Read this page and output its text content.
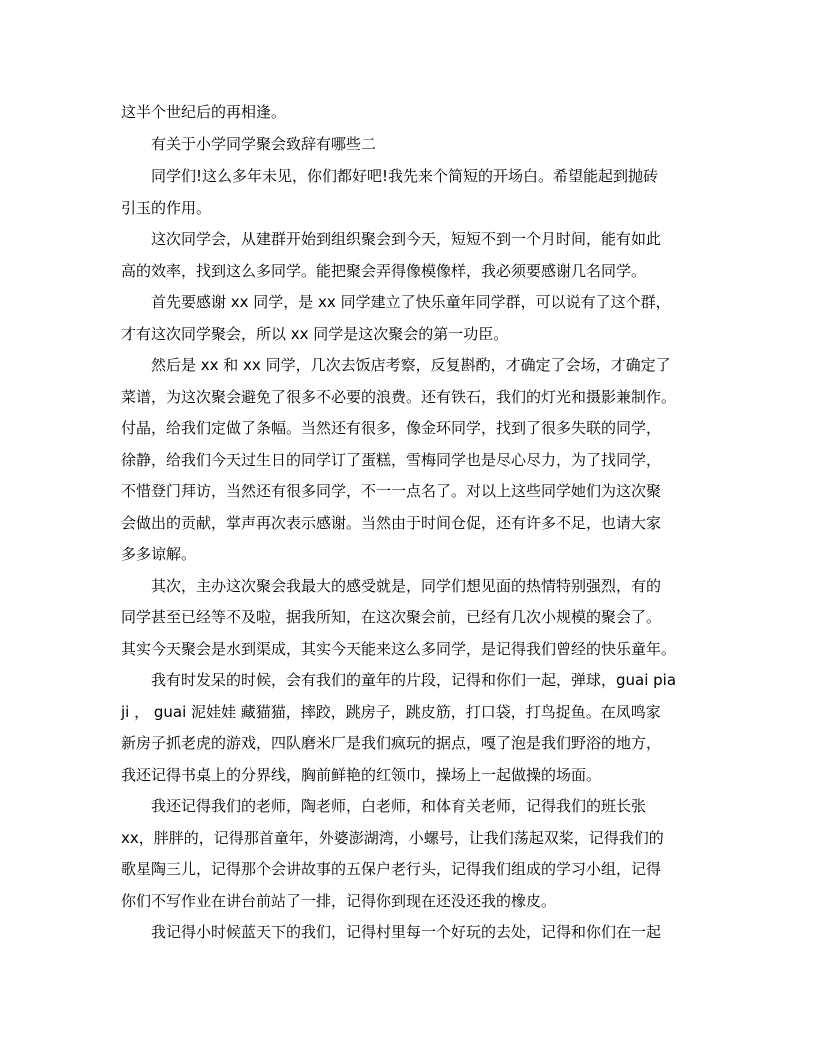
这半个世纪后的再相逢。
有关于小学同学聚会致辞有哪些二
同学们!这么多年未见，你们都好吧!我先来个简短的开场白。希望能起到抛砖
引玉的作用。
这次同学会，从建群开始到组织聚会到今天，短短不到一个月时间，能有如此
高的效率，找到这么多同学。能把聚会弄得像模像样，我必须要感谢几名同学。
首先要感谢 xx 同学，是 xx 同学建立了快乐童年同学群，可以说有了这个群，
才有这次同学聚会，所以 xx 同学是这次聚会的第一功臣。
然后是 xx 和 xx 同学，几次去饭店考察，反复斟酌，才确定了会场，才确定了
菜谱，为这次聚会避免了很多不必要的浪费。还有铁石，我们的灯光和摄影兼制作。
付晶，给我们定做了条幅。当然还有很多，像金环同学，找到了很多失联的同学，
徐静，给我们今天过生日的同学订了蛋糕，雪梅同学也是尽心尽力，为了找同学，
不惜登门拜访，当然还有很多同学，不一一点名了。对以上这些同学她们为这次聚
会做出的贡献，掌声再次表示感谢。当然由于时间仓促，还有许多不足，也请大家
多多谅解。
其次，主办这次聚会我最大的感受就是，同学们想见面的热情特别强烈，有的
同学甚至已经等不及啦，据我所知，在这次聚会前，已经有几次小规模的聚会了。
其实今天聚会是水到渠成，其实今天能来这么多同学，是记得我们曾经的快乐童年。
我有时发呆的时候，会有我们的童年的片段，记得和你们一起，弹球，guai pia
ji ， guai 泥娃娃 藏猫猫，摔跤，跳房子，跳皮筋，打口袋，打鸟捉鱼。在凤鸣家
新房子抓老虎的游戏，四队磨米厂是我们疯玩的据点，嘎了泡是我们野浴的地方，
我还记得书桌上的分界线，胸前鲜艳的红领巾，操场上一起做操的场面。
我还记得我们的老师，陶老师，白老师，和体育关老师，记得我们的班长张
xx，胖胖的，记得那首童年，外婆澎湖湾，小螺号，让我们荡起双桨，记得我们的
歌星陶三儿，记得那个会讲故事的五保户老行头，记得我们组成的学习小组，记得
你们不写作业在讲台前站了一排，记得你到现在还没还我的橡皮。
我记得小时候蓝天下的我们，记得村里每一个好玩的去处，记得和你们在一起
